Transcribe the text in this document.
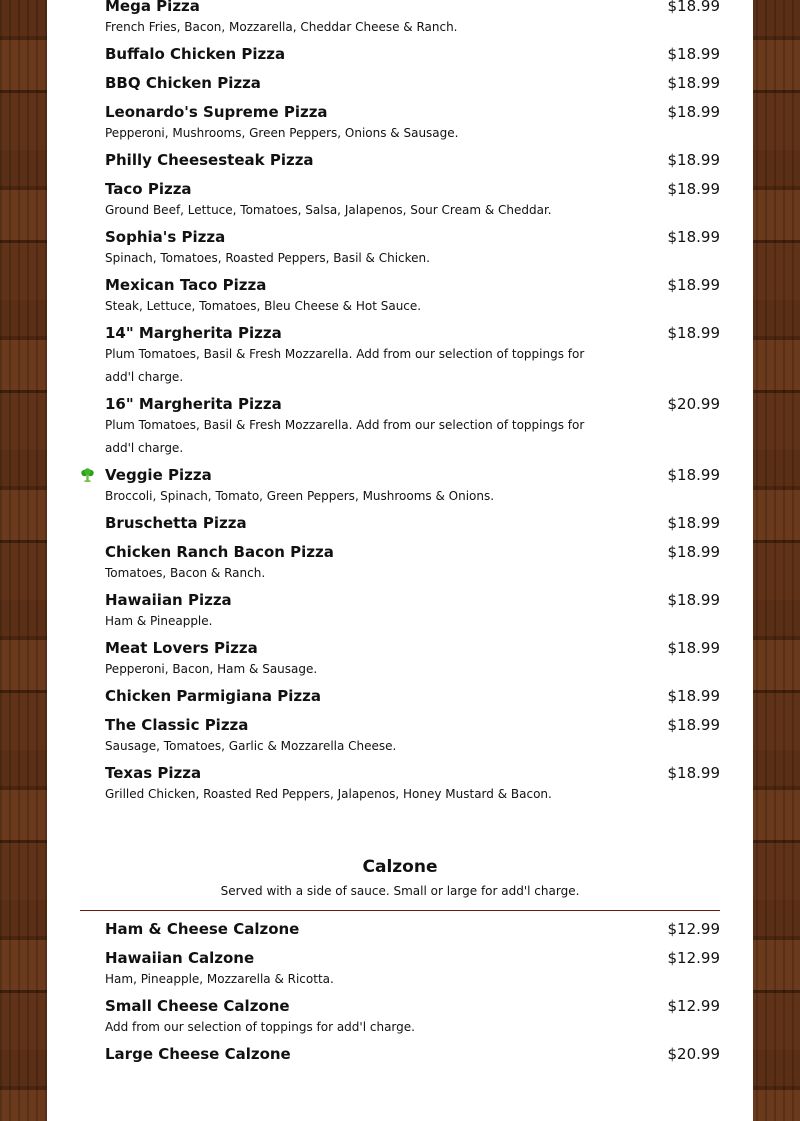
Mega Pizza	$18.99
French Fries, Bacon, Mozzarella, Cheddar Cheese & Ranch.
Buffalo Chicken Pizza	$18.99
BBQ Chicken Pizza	$18.99
Leonardo's Supreme Pizza	$18.99
Pepperoni, Mushrooms, Green Peppers, Onions & Sausage.
Philly Cheesesteak Pizza	$18.99
Taco Pizza	$18.99
Ground Beef, Lettuce, Tomatoes, Salsa, Jalapenos, Sour Cream & Cheddar.
Sophia's Pizza	$18.99
Spinach, Tomatoes, Roasted Peppers, Basil & Chicken.
Mexican Taco Pizza	$18.99
Steak, Lettuce, Tomatoes, Bleu Cheese & Hot Sauce.
14" Margherita Pizza	$18.99
Plum Tomatoes, Basil & Fresh Mozzarella. Add from our selection of toppings for add'l charge.
16" Margherita Pizza	$20.99
Plum Tomatoes, Basil & Fresh Mozzarella. Add from our selection of toppings for add'l charge.
Veggie Pizza	$18.99
Broccoli, Spinach, Tomato, Green Peppers, Mushrooms & Onions.
Bruschetta Pizza	$18.99
Chicken Ranch Bacon Pizza	$18.99
Tomatoes, Bacon & Ranch.
Hawaiian Pizza	$18.99
Ham & Pineapple.
Meat Lovers Pizza	$18.99
Pepperoni, Bacon, Ham & Sausage.
Chicken Parmigiana Pizza	$18.99
The Classic Pizza	$18.99
Sausage, Tomatoes, Garlic & Mozzarella Cheese.
Texas Pizza	$18.99
Grilled Chicken, Roasted Red Peppers, Jalapenos, Honey Mustard & Bacon.
Calzone
Served with a side of sauce. Small or large for add'l charge.
Ham & Cheese Calzone	$12.99
Hawaiian Calzone	$12.99
Ham, Pineapple, Mozzarella & Ricotta.
Small Cheese Calzone	$12.99
Add from our selection of toppings for add'l charge.
Large Cheese Calzone	$20.99
